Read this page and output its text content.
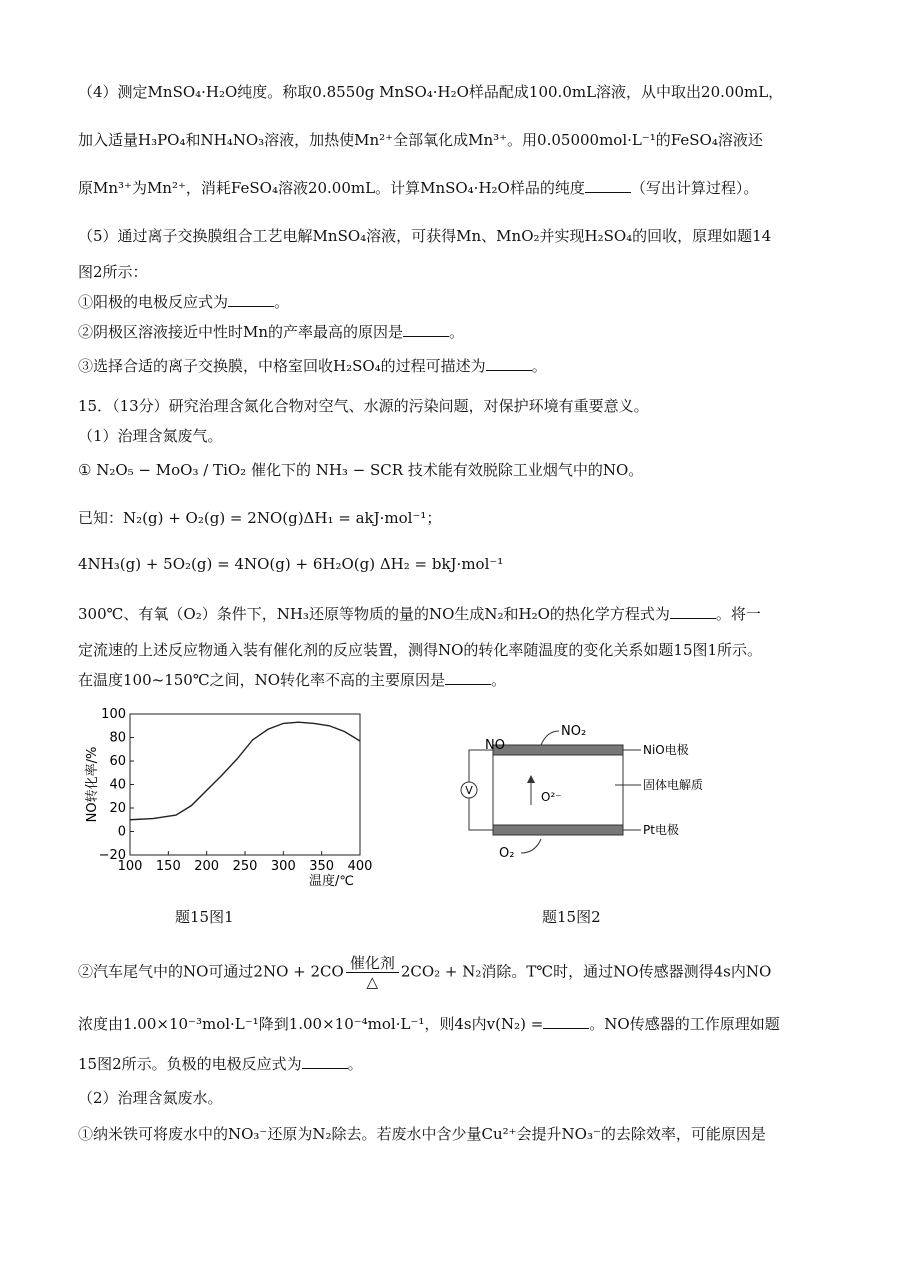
（4）测定MnSO₄·H₂O纯度。称取0.8550g MnSO₄·H₂O样品配成100.0mL溶液，从中取出20.00mL，
加入适量H₃PO₄和NH₄NO₃溶液，加热使Mn²⁺全部氧化成Mn³⁺。用0.05000mol·L⁻¹的FeSO₄溶液还
原Mn³⁺为Mn²⁺，消耗FeSO₄溶液20.00mL。计算MnSO₄·H₂O样品的纯度	（写出计算过程）。
（5）通过离子交换膜组合工艺电解MnSO₄溶液，可获得Mn、MnO₂并实现H₂SO₄的回收，原理如题14
图2所示：
①阳极的电极反应式为	。
②阴极区溶液接近中性时Mn的产率最高的原因是	。
③选择合适的离子交换膜，中格室回收H₂SO₄的过程可描述为	。
15．（13分）研究治理含氮化合物对空气、水源的污染问题，对保护环境有重要意义。
（1）治理含氮废气。
① N₂O₅ − MoO₃ / TiO₂ 催化下的 NH₃ − SCR 技术能有效脱除工业烟气中的NO。
已知：N₂(g) + O₂(g) = 2NO(g)ΔH₁ = akJ·mol⁻¹；
4NH₃(g) + 5O₂(g) = 4NO(g) + 6H₂O(g) ΔH₂ = bkJ·mol⁻¹
300℃、有氧（O₂）条件下，NH₃还原等物质的量的NO生成N₂和H₂O的热化学方程式为	。将一
定流速的上述反应物通入装有催化剂的反应装置，测得NO的转化率随温度的变化关系如题15图1所示。
在温度100~150℃之间，NO转化率不高的主要原因是	。
100 150 200 250 300 350 400
100
80
60
40
20
0
−20
温度/℃
NO转化率/%
题15图1
V
NO
NO₂
O²⁻
NiO电极
固体电解质
Pt电极
O₂
题15图2
②汽车尾气中的NO可通过$2NO + 2CO \frac{\text{催化剂}}{\triangle} 2CO_2 + N_2$消除。T℃时，通过NO传感器测得4s内NO
浓度由1.00×10⁻³mol·L⁻¹降到1.00×10⁻⁴mol·L⁻¹，则4s内v(N₂) =	。NO传感器的工作原理如题
15图2所示。负极的电极反应式为	。
（2）治理含氮废水。
①纳米铁可将废水中的NO₃⁻还原为N₂除去。若废水中含少量Cu²⁺会提升NO₃⁻的去除效率，可能原因是
